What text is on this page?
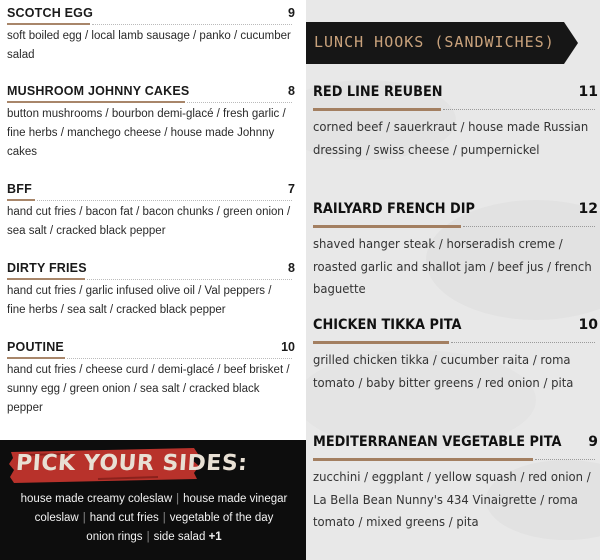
SCOTCH EGG	9
soft boiled egg / local lamb sausage / panko / cucumber salad
MUSHROOM JOHNNY CAKES	8
button mushrooms / bourbon demi-glacé / fresh garlic / fine herbs / manchego cheese / house made Johnny cakes
BFF	7
hand cut fries / bacon fat / bacon chunks / green onion / sea salt / cracked black pepper
DIRTY FRIES	8
hand cut fries / garlic infused olive oil / Val peppers / fine herbs / sea salt / cracked black pepper
POUTINE	10
hand cut fries / cheese curd / demi-glacé / beef brisket / sunny egg / green onion / sea salt / cracked black pepper
PICK YOUR SIDES:
house made creamy coleslaw | house made vinegar coleslaw | hand cut fries | vegetable of the day
onion rings | side salad +1
LUNCH HOOKS (SANDWICHES)
RED LINE REUBEN	11
corned beef / sauerkraut / house made Russian dressing / swiss cheese / pumpernickel
RAILYARD FRENCH DIP	12
shaved hanger steak / horseradish creme / roasted garlic and shallot jam / beef jus / french baguette
CHICKEN TIKKA PITA	10
grilled chicken tikka / cucumber raita / roma tomato / baby bitter greens / red onion / pita
MEDITERRANEAN VEGETABLE PITA 9
zucchini / eggplant / yellow squash / red onion / La Bella Bean Nunny's 434 Vinaigrette / roma tomato / mixed greens / pita
